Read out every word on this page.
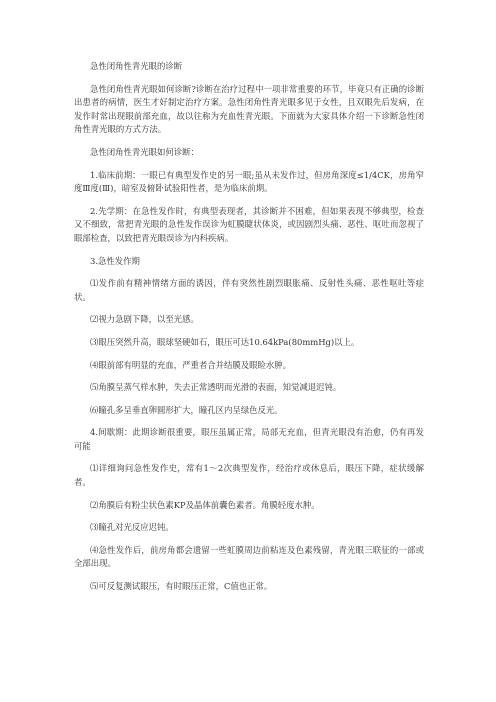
急性闭角性青光眼的诊断

急性闭角性青光眼如何诊断?诊断在治疗过程中一项非常重要的环节，毕竟只有正确的诊断出患者的病情，医生才好制定治疗方案。急性闭角性青光眼多见于女性，且双眼先后发病，在发作时常出现眼前部充血，故以往称为充血性青光眼。下面就为大家具体介绍一下诊断急性闭角性青光眼的方式方法。

急性闭角性青光眼如何诊断：

1.临床前期：一眼已有典型发作史的另一眼;虽从未发作过，但房角深度≤1/4CK，房角窄度Ⅲ度(Ⅲ)，暗室及俯卧试验阳性者，是为临床前期。

2.先学期：在急性发作时，有典型表现者，其诊断并不困难，但如果表现不够典型，检查又不细致，常把青光眼的急性发作误诊为虹膜睫状体炎，或因剧烈头痛、恶性、呕吐而忽视了眼部检查，以致把青光眼误诊为内科疾病。

3.急性发作期

⑴发作前有精神情绪方面的诱因，伴有突然性剧烈眼胀痛、反射性头痛、恶性呕吐等症状。

⑵视力急剧下降，以至光感。

⑶眼压突然升高，眼球坚硬如石，眼压可达10.64kPa(80mmHg)以上。

⑷眼前部有明显的充血，严重者合并结膜及眼睑水肿。

⑸角膜呈蒸气样水肿，失去正常透明而光滑的表面，知觉减退迟钝。

⑹瞳孔多呈垂直卵圆形扩大，瞳孔区内呈绿色反光。

4.间歇期：此期诊断很重要，眼压虽属正常，局部无充血，但青光眼没有治愈，仍有再发可能

⑴详细询问急性发作史，常有1～2次典型发作，经治疗或休息后，眼压下降，症状缓解者。

⑵角膜后有粉尘状色素KP及晶体前囊色素者。角膜轻度水肿。

⑶瞳孔对光反应迟钝。

⑷急性发作后，前房角都会遗留一些虹膜周边前粘连及色素残留，青光眼三联征的一部或全部出现。

⑸可反复测试眼压，有时眼压正常，C值也正常。
